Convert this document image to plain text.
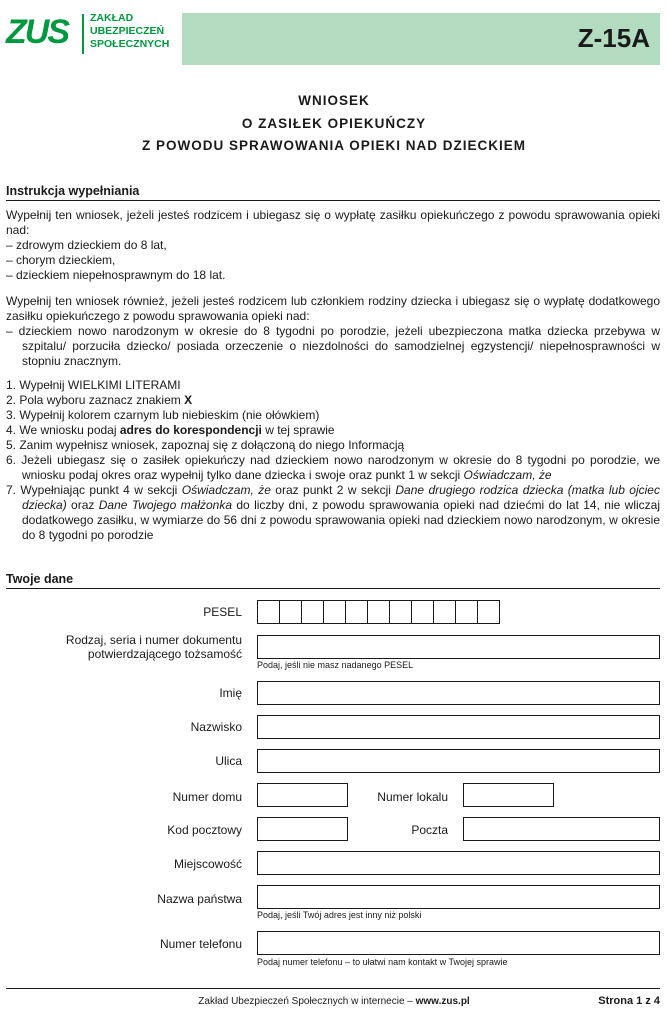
ZUS ZAKŁAD
UBEZPIECZEŃ
SPOŁECZNYCH	Z-15A
WNIOSEK
O ZASIŁEK OPIEKUŃCZY
Z POWODU SPRAWOWANIA OPIEKI NAD DZIECKIEM
Instrukcja wypełniania

Wypełnij ten wniosek, jeżeli jesteś rodzicem i ubiegasz się o wypłatę zasiłku opiekuńczego z powodu sprawowania opieki nad:

– zdrowym dzieckiem do 8 lat,
– chorym dzieckiem,
– dzieckiem niepełnosprawnym do 18 lat.

Wypełnij ten wniosek również, jeżeli jesteś rodzicem lub członkiem rodziny dziecka i ubiegasz się o wypłatę dodatkowego zasiłku opiekuńczego z powodu sprawowania opieki nad:

– dzieckiem nowo narodzonym w okresie do 8 tygodni po porodzie, jeżeli ubezpieczona matka dziecka przebywa w szpitalu/ porzuciła dziecko/ posiada orzeczenie o niezdolności do samodzielnej egzystencji/ niepełnosprawności w stopniu znacznym.
1. Wypełnij WIELKIMI LITERAMI
2. Pola wyboru zaznacz znakiem X
3. Wypełnij kolorem czarnym lub niebieskim (nie ołówkiem)
4. We wniosku podaj adres do korespondencji w tej sprawie
5. Zanim wypełnisz wniosek, zapoznaj się z dołączoną do niego Informacją
6. Jeżeli ubiegasz się o zasiłek opiekuńczy nad dzieckiem nowo narodzonym w okresie do 8 tygodni po porodzie, we wniosku podaj okres oraz wypełnij tylko dane dziecka i swoje oraz punkt 1 w sekcji Oświadczam, że
7. Wypełniając punkt 4 w sekcji Oświadczam, że oraz punkt 2 w sekcji Dane drugiego rodzica dziecka (matka lub ojciec dziecka) oraz Dane Twojego małżonka do liczby dni, z powodu sprawowania opieki nad dziećmi do lat 14, nie wliczaj dodatkowego zasiłku, w wymiarze do 56 dni z powodu sprawowania opieki nad dzieckiem nowo narodzonym, w okresie do 8 tygodni po porodzie
Twoje dane
PESEL
Rodzaj, seria i numer dokumentu
potwierdzającego tożsamość
Podaj, jeśli nie masz nadanego PESEL
Imię
Nazwisko
Ulica
Numer domu	Numer lokalu
Kod pocztowy	Poczta
Miejscowość
Nazwa państwa
Podaj, jeśli Twój adres jest inny niż polski
Numer telefonu
Podaj numer telefonu – to ułatwi nam kontakt w Twojej sprawie
Zakład Ubezpieczeń Społecznych w internecie – www.zus.pl	Strona 1 z 4
